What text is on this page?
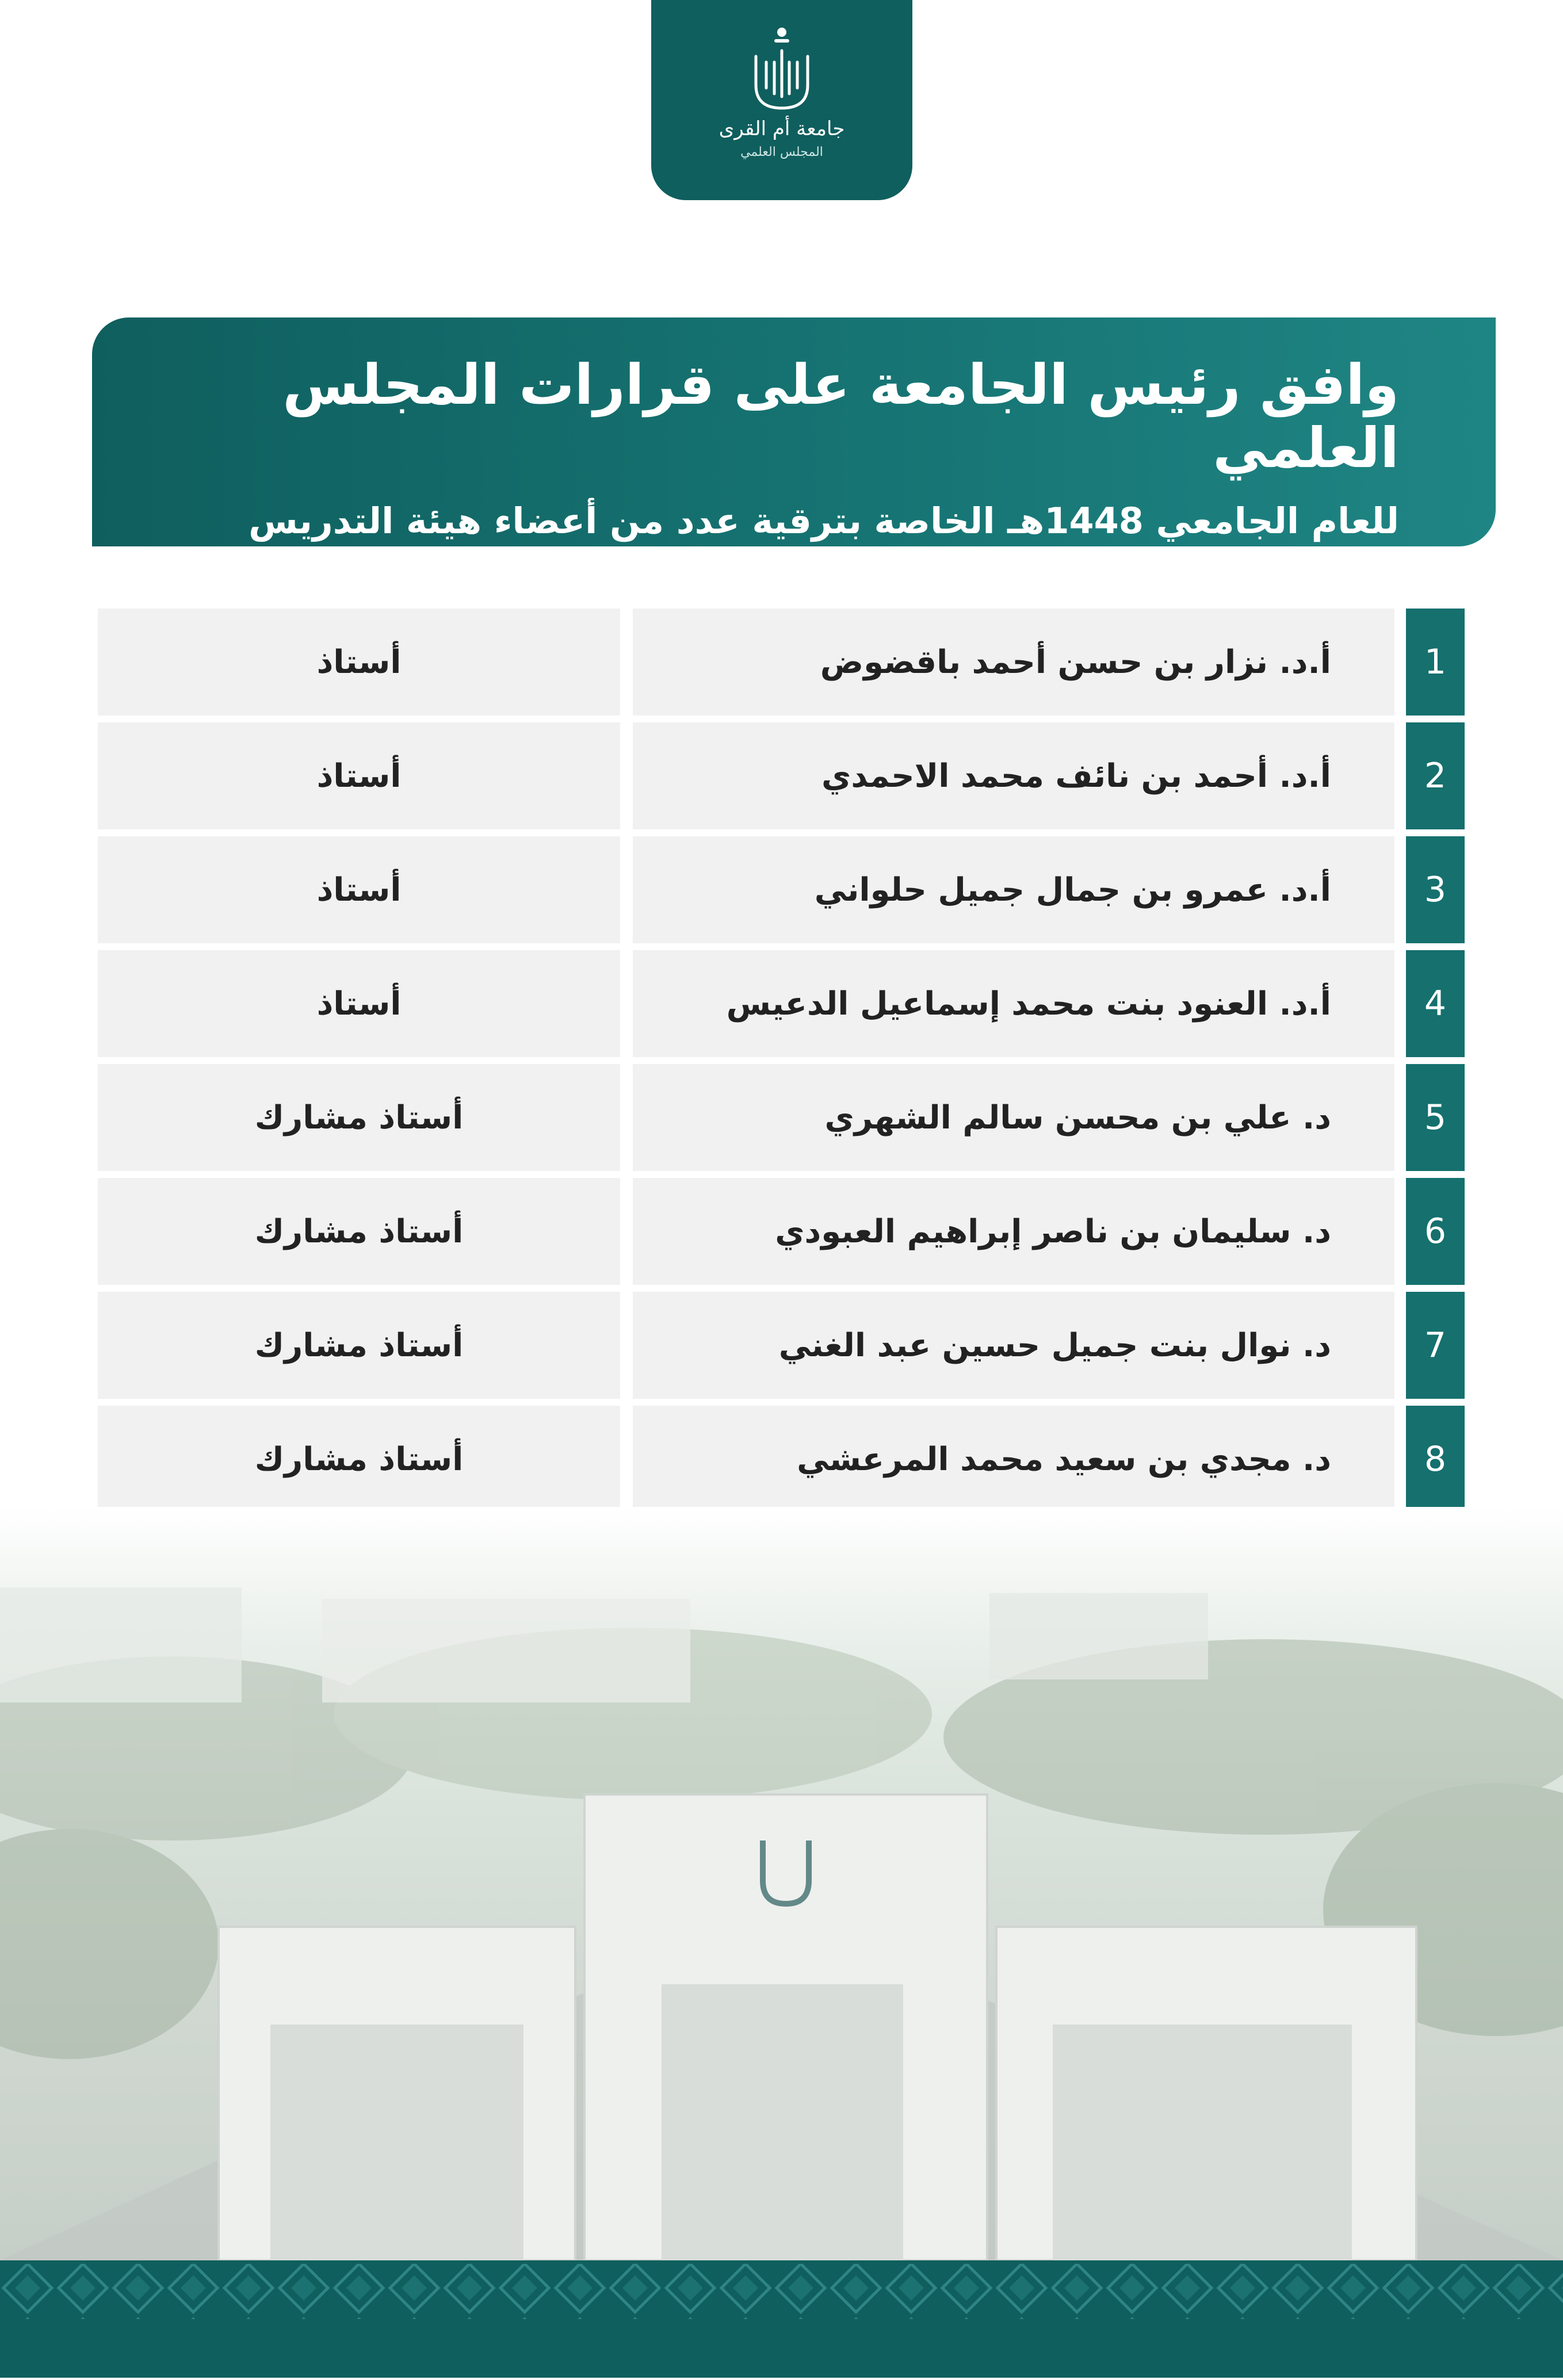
جامعة أم القرى
المجلس العلمي
وافق رئيس الجامعة على قرارات المجلس العلمي
للعام الجامعي 1448هـ الخاصة بترقية عدد من أعضاء هيئة التدريس وهم:
1
أ.د. نزار بن حسن أحمد باقضوض
أستاذ
2
أ.د. أحمد بن نائف محمد الاحمدي
أستاذ
3
أ.د. عمرو بن جمال جميل حلواني
أستاذ
4
أ.د. العنود بنت محمد إسماعيل الدعيس
أستاذ
5
د. علي بن محسن سالم الشهري
أستاذ مشارك
6
د. سليمان بن ناصر إبراهيم العبودي
أستاذ مشارك
7
د. نوال بنت جميل حسين عبد الغني
أستاذ مشارك
8
د. مجدي بن سعيد محمد المرعشي
أستاذ مشارك
